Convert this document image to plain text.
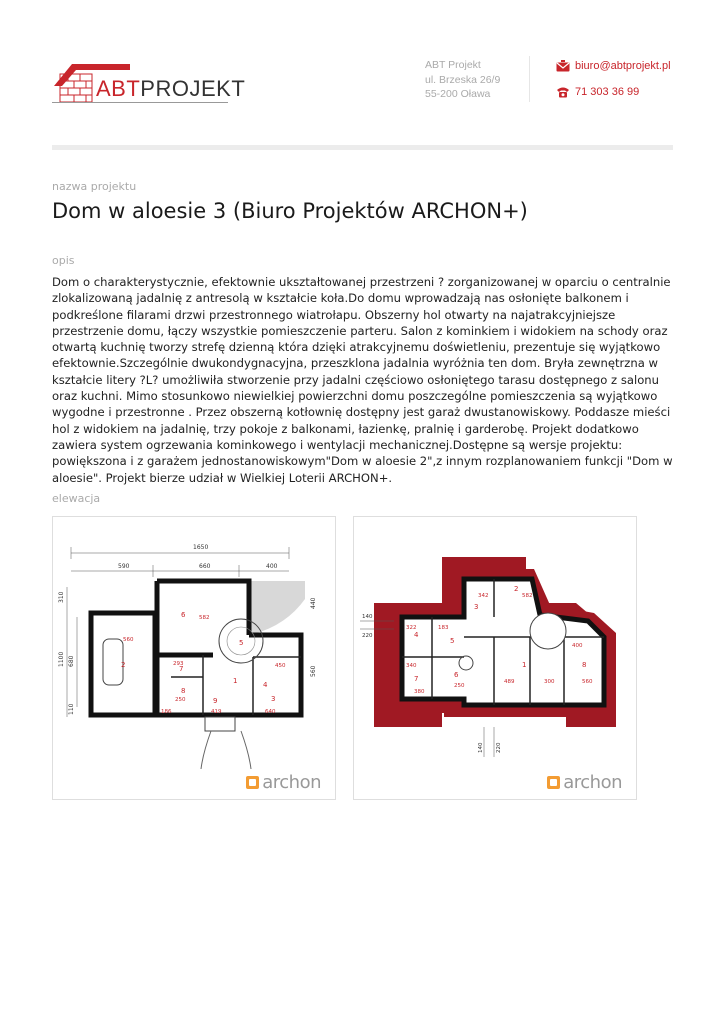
ABTPROJEKT
ABT Projekt
ul. Brzeska 26/9
55-200 Oława
biuro@abtprojekt.pl
71 303 36 99
nazwa projektu
Dom w aloesie 3 (Biuro Projektów ARCHON+)
opis
Dom o charakterystycznie, efektownie ukształtowanej przestrzeni ? zorganizowanej w oparciu o centralnie zlokalizowaną jadalnię z antresolą w kształcie koła.Do domu wprowadzają nas osłonięte balkonem i podkreślone filarami drzwi przestronnego wiatrołapu. Obszerny hol otwarty na najatrakcyjniejsze przestrzenie domu, łączy wszystkie pomieszczenie parteru. Salon z kominkiem i widokiem na schody oraz otwartą kuchnię tworzy strefę dzienną która dzięki atrakcyjnemu doświetleniu, prezentuje się wyjątkowo efektownie.Szczególnie dwukondygnacyjna, przeszklona jadalnia wyróżnia ten dom. Bryła zewnętrzna w kształcie litery ?L? umożliwiła stworzenie przy jadalni częściowo osłoniętego tarasu dostępnego z salonu oraz kuchni. Mimo stosunkowo niewielkiej powierzchni domu poszczególne pomieszczenia są wyjątkowo wygodne i przestronne . Przez obszerną kotłownię dostępny jest garaż dwustanowiskowy. Poddasze mieści hol z widokiem na jadalnię, trzy pokoje z balkonami, łazienkę, pralnię i garderobę. Projekt dodatkowo zawiera system ogrzewania kominkowego i wentylacji mechanicznej.Dostępne są wersje projektu: powiększona i z garażem jednostanowiskowym"Dom w aloesie 2",z innym rozplanowaniem funkcji "Dom w aloesie". Projekt bierze udział w Wielkiej Loterii ARCHON+.
elewacja
1650
590	660	400
310
1100 680
110
440
560
2
1	4
5
6
7
8
9	3
560
582
293
419
186
450
640
250
archon
140
220
140 220
1
2
3
4
5
6
7
8
582
322	183
342
340
250
489	300
400
560
380
archon
